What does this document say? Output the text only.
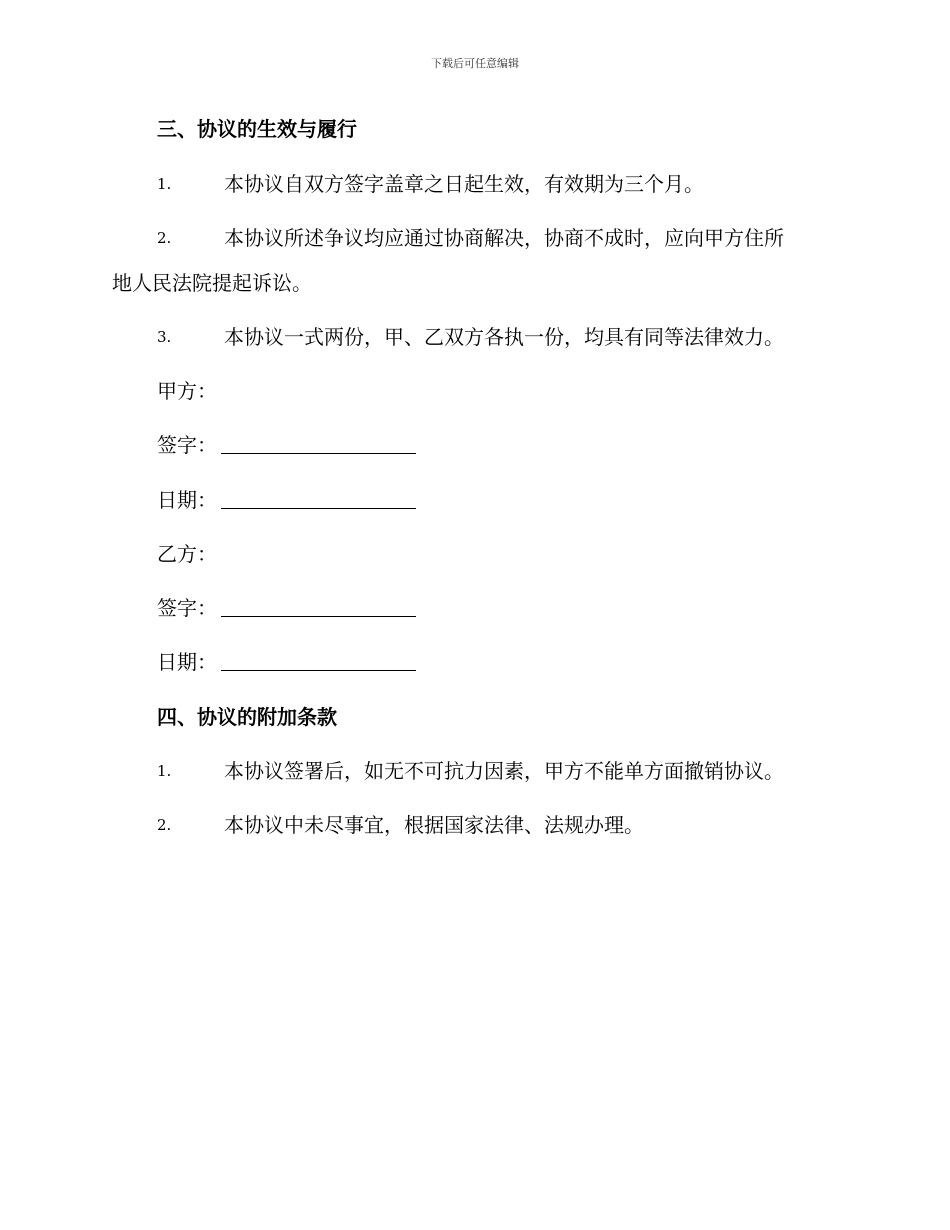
下载后可任意编辑
三、协议的生效与履行
1.	本协议自双方签字盖章之日起生效，有效期为三个月。
2.	本协议所述争议均应通过协商解决，协商不成时，应向甲方住所
地人民法院提起诉讼。
3.	本协议一式两份，甲、乙双方各执一份，均具有同等法律效力。
甲方：
签字：
日期：
乙方：
签字：
日期：
四、协议的附加条款
1.	本协议签署后，如无不可抗力因素，甲方不能单方面撤销协议。
2.	本协议中未尽事宜，根据国家法律、法规办理。
